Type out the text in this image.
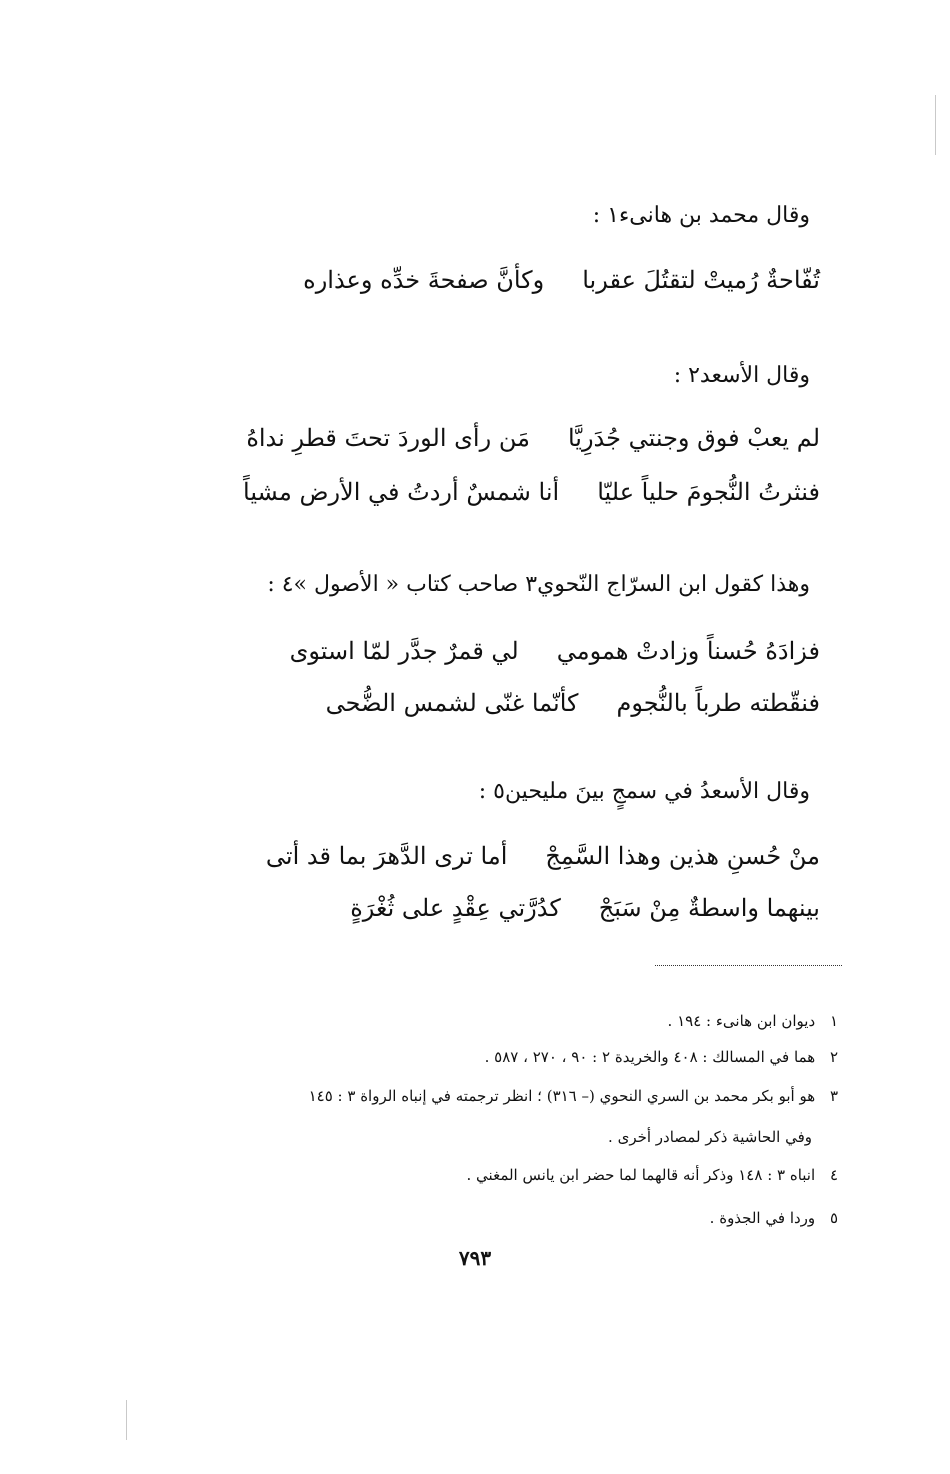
وقال محمد بن هانىء١ :
وكأنَّ صفحةَ خدِّه وعذاره تُفّاحةٌ رُميتْ لتقتُلَ عقربا
وقال الأسعد٢ :
مَن رأى الوردَ تحتَ قطرِ نداهُ لم يعبْ فوق وجنتي جُدَرِيَّا
أنا شمسٌ أردتُ في الأرض مشياً فنثرتُ النُّجومَ حلياً عليّا
وهذا كقول ابن السرّاج النّحوي٣ صاحب كتاب « الأصول »٤ :
لي قمرٌ جدَّر لمّا استوى فزادَهُ حُسناً وزادتْ همومي
كأنّما غنّى لشمس الضُّحى فنقّطته طرباً بالنُّجوم
وقال الأسعدُ في سمجٍ بينَ مليحين٥ :
أما ترى الدَّهرَ بما قد أتى منْ حُسنِ هذين وهذا السَّمِجْ
كدُرَّتي عِقْدٍ على ثُغْرَةٍ بينهما واسطةٌ مِنْ سَبَجْ
١ ديوان ابن هانىء : ١٩٤ .
٢ هما في المسالك : ٤٠٨ والخريدة ٢ : ٩٠ ، ٢٧٠ ، ٥٨٧ .
٣ هو أبو بكر محمد بن السري النحوي (– ٣١٦) ؛ انظر ترجمته في إنباه الرواة ٣ : ١٤٥
وفي الحاشية ذكر لمصادر أخرى .
٤ انباه ٣ : ١٤٨ وذكر أنه قالهما لما حضر ابن يانس المغني .
٥ وردا في الجذوة .
٧٩٣
